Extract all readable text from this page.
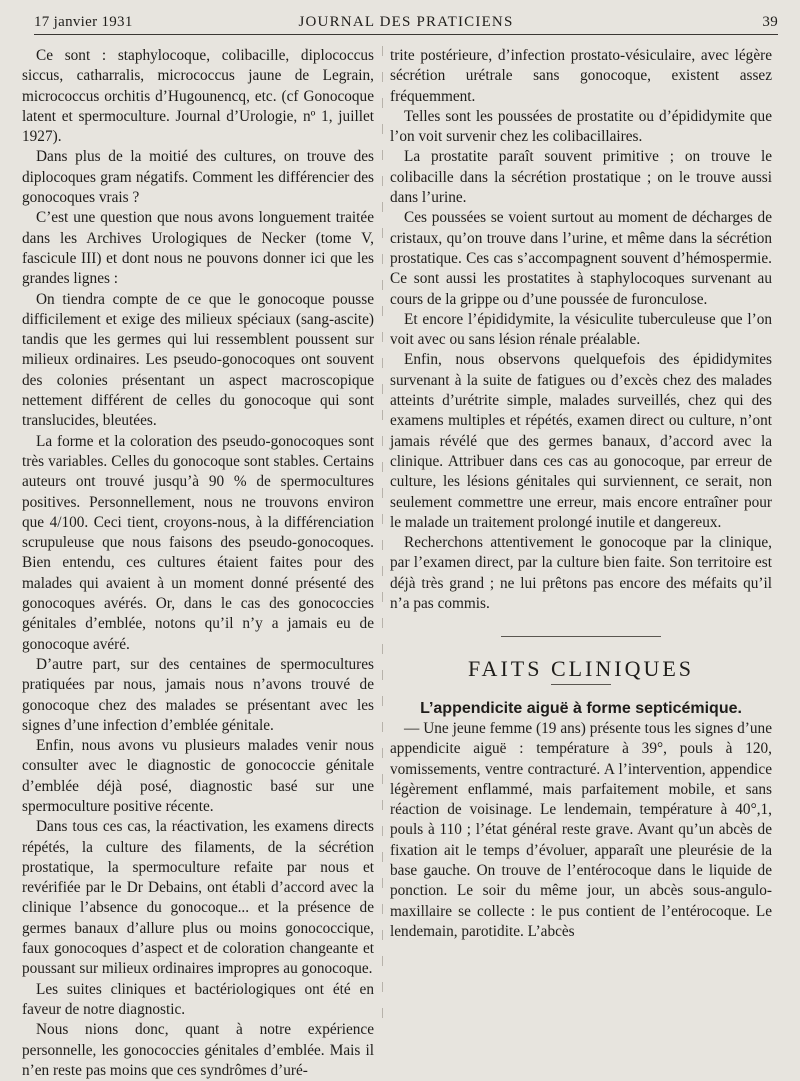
17 janvier 1931	JOURNAL DES PRATICIENS	39

Ce sont : staphylocoque, colibacille, diplococcus siccus, catharralis, micrococcus jaune de Legrain, micrococcus orchitis d’Hugounencq, etc. (cf Gonocoque latent et spermoculture. Journal d’Urologie, nº 1, juillet 1927).

Dans plus de la moitié des cultures, on trouve des diplocoques gram négatifs. Comment les différencier des gonocoques vrais ?

C’est une question que nous avons longuement traitée dans les Archives Urologiques de Necker (tome V, fascicule III) et dont nous ne pouvons donner ici que les grandes lignes :

On tiendra compte de ce que le gonocoque pousse difficilement et exige des milieux spéciaux (sang-ascite) tandis que les germes qui lui ressemblent poussent sur milieux ordinaires. Les pseudo-gonocoques ont souvent des colonies présentant un aspect macroscopique nettement différent de celles du gonocoque qui sont translucides, bleutées.

La forme et la coloration des pseudo-gonocoques sont très variables. Celles du gonocoque sont stables. Certains auteurs ont trouvé jusqu’à 90 % de spermocultures positives. Personnellement, nous ne trouvons environ que 4/100. Ceci tient, croyons-nous, à la différenciation scrupuleuse que nous faisons des pseudo-gonocoques. Bien entendu, ces cultures étaient faites pour des malades qui avaient à un moment donné présenté des gonocoques avérés. Or, dans le cas des gonococcies génitales d’emblée, notons qu’il n’y a jamais eu de gonocoque avéré.

D’autre part, sur des centaines de spermocultures pratiquées par nous, jamais nous n’avons trouvé de gonocoque chez des malades se présentant avec les signes d’une infection d’emblée génitale.

Enfin, nous avons vu plusieurs malades venir nous consulter avec le diagnostic de gonococcie génitale d’emblée déjà posé, diagnostic basé sur une spermoculture positive récente.

Dans tous ces cas, la réactivation, les examens directs répétés, la culture des filaments, de la sécrétion prostatique, la spermoculture refaite par nous et revérifiée par le Dr Debains, ont établi d’accord avec la clinique l’absence du gonocoque... et la présence de germes banaux d’allure plus ou moins gonococcique, faux gonocoques d’aspect et de coloration changeante et poussant sur milieux ordinaires impropres au gonocoque.

Les suites cliniques et bactériologiques ont été en faveur de notre diagnostic.

Nous nions donc, quant à notre expérience personnelle, les gonococcies génitales d’emblée. Mais il n’en reste pas moins que ces syndrômes d’uré-

trite postérieure, d’infection prostato-vésiculaire, avec légère sécrétion urétrale sans gonocoque, existent assez fréquemment.

Telles sont les poussées de prostatite ou d’épididymite que l’on voit survenir chez les colibacillaires.

La prostatite paraît souvent primitive ; on trouve le colibacille dans la sécrétion prostatique ; on le trouve aussi dans l’urine.

Ces poussées se voient surtout au moment de décharges de cristaux, qu’on trouve dans l’urine, et même dans la sécrétion prostatique. Ces cas s’accompagnent souvent d’hémospermie. Ce sont aussi les prostatites à staphylocoques survenant au cours de la grippe ou d’une poussée de furonculose.

Et encore l’épididymite, la vésiculite tuberculeuse que l’on voit avec ou sans lésion rénale préalable.

Enfin, nous observons quelquefois des épididymites survenant à la suite de fatigues ou d’excès chez des malades atteints d’urétrite simple, malades surveillés, chez qui des examens multiples et répétés, examen direct ou culture, n’ont jamais révélé que des germes banaux, d’accord avec la clinique. Attribuer dans ces cas au gonocoque, par erreur de culture, les lésions génitales qui surviennent, ce serait, non seulement commettre une erreur, mais encore entraîner pour le malade un traitement prolongé inutile et dangereux.

Recherchons attentivement le gonocoque par la clinique, par l’examen direct, par la culture bien faite. Son territoire est déjà très grand ; ne lui prêtons pas encore des méfaits qu’il n’a pas commis.

FAITS CLINIQUES

L’appendicite aiguë à forme septicémique.

— Une jeune femme (19 ans) présente tous les signes d’une appendicite aiguë : température à 39°, pouls à 120, vomissements, ventre contracturé. A l’intervention, appendice légèrement enflammé, mais parfaitement mobile, et sans réaction de voisinage. Le lendemain, température à 40°,1, pouls à 110 ; l’état général reste grave. Avant qu’un abcès de fixation ait le temps d’évoluer, apparaît une pleurésie de la base gauche. On trouve de l’entérocoque dans le liquide de ponction. Le soir du même jour, un abcès sous-angulo-maxillaire se collecte : le pus contient de l’entérocoque. Le lendemain, parotidite. L’abcès
